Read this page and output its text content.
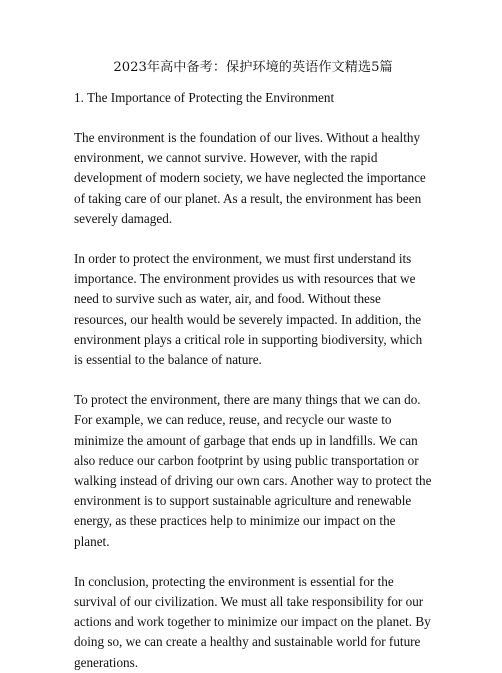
2023年高中备考：保护环境的英语作文精选5篇
1. The Importance of Protecting the Environment

The environment is the foundation of our lives. Without a healthy environment, we cannot survive. However, with the rapid development of modern society, we have neglected the importance of taking care of our planet. As a result, the environment has been severely damaged.

In order to protect the environment, we must first understand its importance. The environment provides us with resources that we need to survive such as water, air, and food. Without these resources, our health would be severely impacted. In addition, the environment plays a critical role in supporting biodiversity, which is essential to the balance of nature.

To protect the environment, there are many things that we can do. For example, we can reduce, reuse, and recycle our waste to minimize the amount of garbage that ends up in landfills. We can also reduce our carbon footprint by using public transportation or walking instead of driving our own cars. Another way to protect the environment is to support sustainable agriculture and renewable energy, as these practices help to minimize our impact on the planet.

In conclusion, protecting the environment is essential for the survival of our civilization. We must all take responsibility for our actions and work together to minimize our impact on the planet. By doing so, we can create a healthy and sustainable world for future generations.
